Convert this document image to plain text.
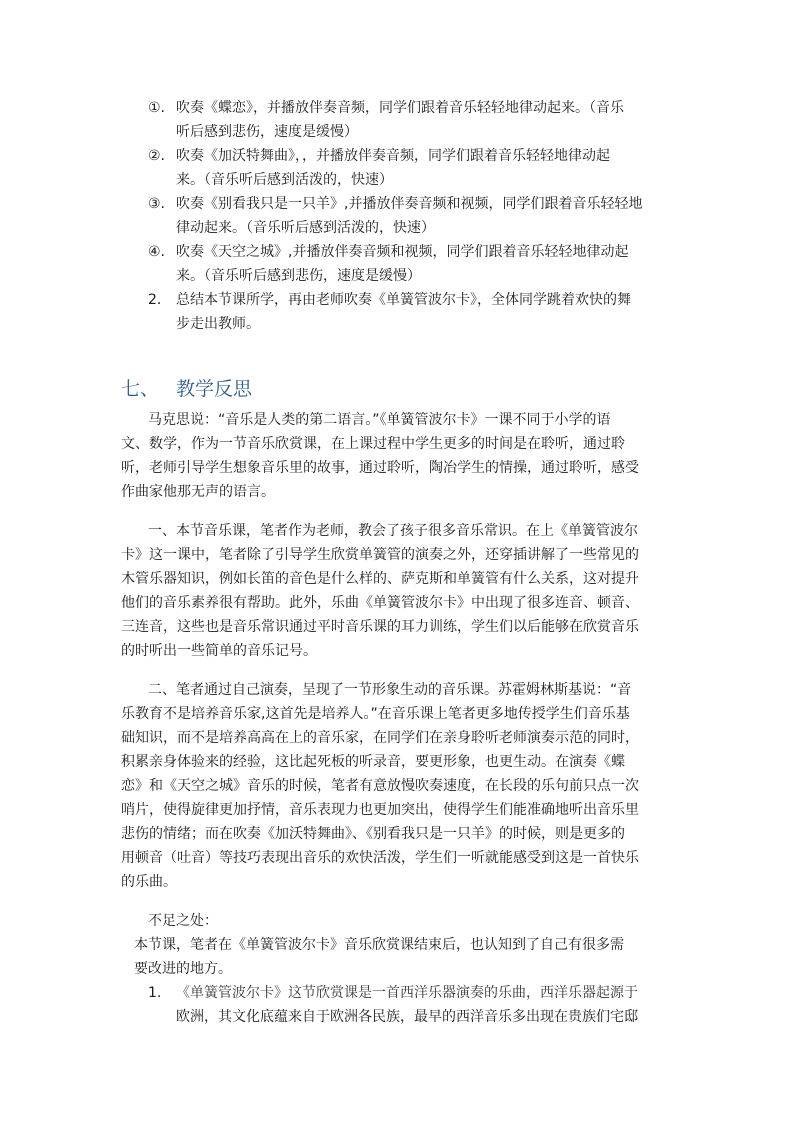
①. 吹奏《蝶恋》，并播放伴奏音频，同学们跟着音乐轻轻地律动起来。（音乐
听后感到悲伤，速度是缓慢）
②. 吹奏《加沃特舞曲》，，并播放伴奏音频，同学们跟着音乐轻轻地律动起
来。（音乐听后感到活泼的，快速）
③. 吹奏《别看我只是一只羊》,并播放伴奏音频和视频，同学们跟着音乐轻轻地
律动起来。（音乐听后感到活泼的，快速）
④. 吹奏《天空之城》,并播放伴奏音频和视频，同学们跟着音乐轻轻地律动起
来。（音乐听后感到悲伤，速度是缓慢）
2. 总结本节课所学，再由老师吹奏《单簧管波尔卡》，全体同学跳着欢快的舞
步走出教师。
七、 教学反思
马克思说：“音乐是人类的第二语言。”《单簧管波尔卡》一课不同于小学的语
文、数学，作为一节音乐欣赏课，在上课过程中学生更多的时间是在聆听，通过聆
听，老师引导学生想象音乐里的故事，通过聆听，陶冶学生的情操，通过聆听，感受
作曲家他那无声的语言。
一、本节音乐课，笔者作为老师，教会了孩子很多音乐常识。在上《单簧管波尔
卡》这一课中，笔者除了引导学生欣赏单簧管的演奏之外，还穿插讲解了一些常见的
木管乐器知识，例如长笛的音色是什么样的、萨克斯和单簧管有什么关系，这对提升
他们的音乐素养很有帮助。此外，乐曲《单簧管波尔卡》中出现了很多连音、顿音、
三连音，这些也是音乐常识通过平时音乐课的耳力训练，学生们以后能够在欣赏音乐
的时听出一些简单的音乐记号。
二、笔者通过自己演奏，呈现了一节形象生动的音乐课。苏霍姆林斯基说：“音
乐教育不是培养音乐家,这首先是培养人。”在音乐课上笔者更多地传授学生们音乐基
础知识，而不是培养高高在上的音乐家，在同学们在亲身聆听老师演奏示范的同时，
积累亲身体验来的经验，这比起死板的听录音，要更形象，也更生动。在演奏《蝶
恋》和《天空之城》音乐的时候，笔者有意放慢吹奏速度，在长段的乐句前只点一次
哨片，使得旋律更加抒情，音乐表现力也更加突出，使得学生们能准确地听出音乐里
悲伤的情绪；而在吹奏《加沃特舞曲》、《别看我只是一只羊》的时候，则是更多的
用顿音（吐音）等技巧表现出音乐的欢快活泼，学生们一听就能感受到这是一首快乐
的乐曲。
不足之处：
本节课，笔者在《单簧管波尔卡》音乐欣赏课结束后，也认知到了自己有很多需
要改进的地方。
1. 《单簧管波尔卡》这节欣赏课是一首西洋乐器演奏的乐曲，西洋乐器起源于
欧洲，其文化底蕴来自于欧洲各民族，最早的西洋音乐多出现在贵族们宅邸
